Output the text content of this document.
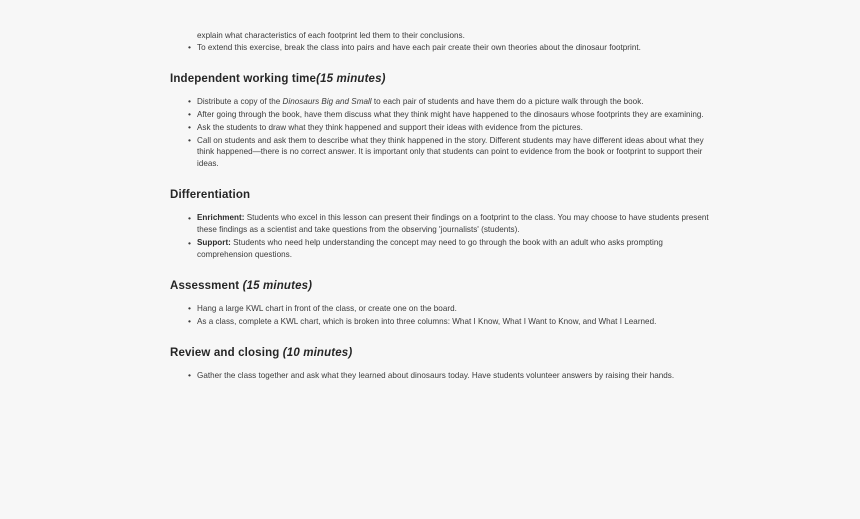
explain what characteristics of each footprint led them to their conclusions.
• To extend this exercise, break the class into pairs and have each pair create their own theories about the dinosaur footprint.
Independent working time(15 minutes)
• Distribute a copy of the Dinosaurs Big and Small to each pair of students and have them do a picture walk through the book.
• After going through the book, have them discuss what they think might have happened to the dinosaurs whose footprints they are examining.
• Ask the students to draw what they think happened and support their ideas with evidence from the pictures.
• Call on students and ask them to describe what they think happened in the story. Different students may have different ideas about what they think happened—there is no correct answer. It is important only that students can point to evidence from the book or footprint to support their ideas.
Differentiation
• Enrichment: Students who excel in this lesson can present their findings on a footprint to the class. You may choose to have students present these findings as a scientist and take questions from the observing 'journalists' (students).
• Support: Students who need help understanding the concept may need to go through the book with an adult who asks prompting comprehension questions.
Assessment (15 minutes)
• Hang a large KWL chart in front of the class, or create one on the board.
• As a class, complete a KWL chart, which is broken into three columns: What I Know, What I Want to Know, and What I Learned.
Review and closing (10 minutes)
• Gather the class together and ask what they learned about dinosaurs today. Have students volunteer answers by raising their hands.
